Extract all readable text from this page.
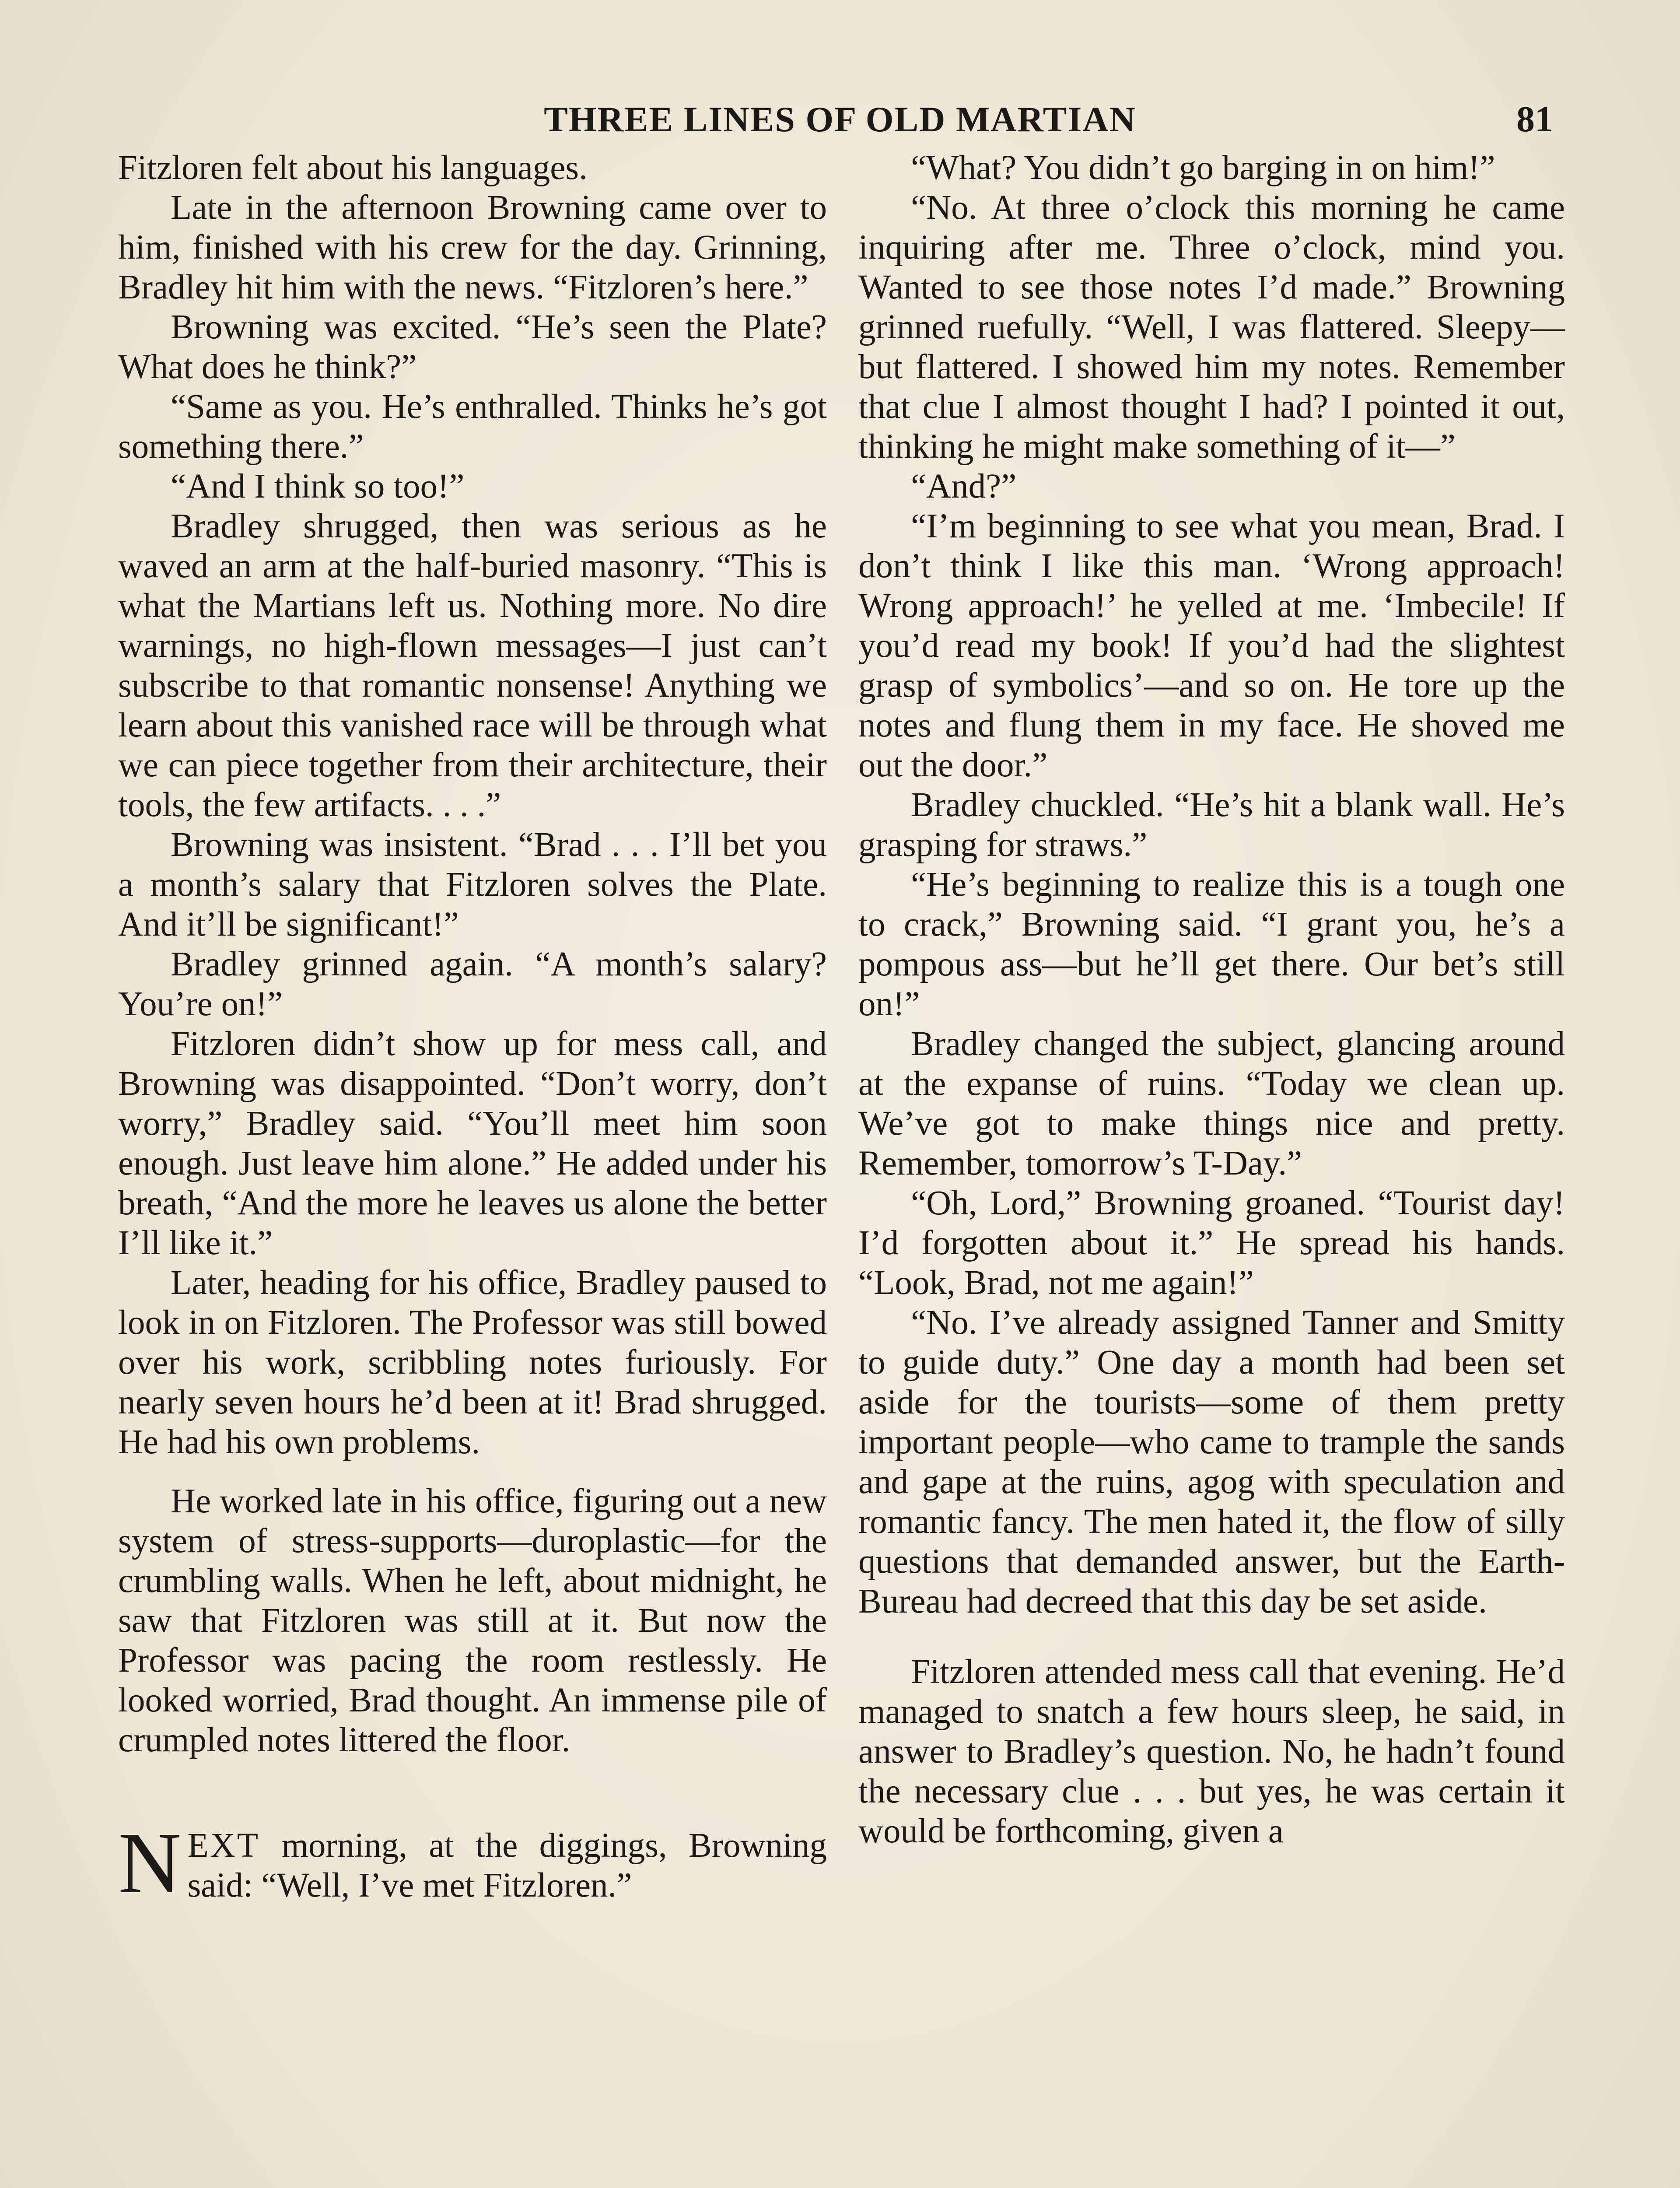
THREE LINES OF OLD MARTIAN	81

Fitzloren felt about his languages.

Late in the afternoon Browning came over to him, finished with his crew for the day. Grinning, Bradley hit him with the news. “Fitzloren’s here.”

Browning was excited. “He’s seen the Plate? What does he think?”

“Same as you. He’s enthralled. Thinks he’s got something there.”

“And I think so too!”

Bradley shrugged, then was serious as he waved an arm at the half-buried masonry. “This is what the Martians left us. Nothing more. No dire warnings, no high-flown messages—I just can’t subscribe to that romantic nonsense! Anything we learn about this vanished race will be through what we can piece together from their architecture, their tools, the few artifacts. . . .”

Browning was insistent. “Brad . . . I’ll bet you a month’s salary that Fitzloren solves the Plate. And it’ll be significant!”

Bradley grinned again. “A month’s salary? You’re on!”

Fitzloren didn’t show up for mess call, and Browning was disappointed. “Don’t worry, don’t worry,” Bradley said. “You’ll meet him soon enough. Just leave him alone.” He added under his breath, “And the more he leaves us alone the better I’ll like it.”

Later, heading for his office, Bradley paused to look in on Fitzloren. The Professor was still bowed over his work, scribbling notes furiously. For nearly seven hours he’d been at it! Brad shrugged. He had his own problems.

He worked late in his office, figuring out a new system of stress-supports—duroplastic—for the crumbling walls. When he left, about midnight, he saw that Fitzloren was still at it. But now the Professor was pacing the room restlessly. He looked worried, Brad thought. An immense pile of crumpled notes littered the floor.

NEXT morning, at the diggings, Browning said: “Well, I’ve met Fitzloren.”

“What? You didn’t go barging in on him!”

“No. At three o’clock this morning he came inquiring after me. Three o’clock, mind you. Wanted to see those notes I’d made.” Browning grinned ruefully. “Well, I was flattered. Sleepy—but flattered. I showed him my notes. Remember that clue I almost thought I had? I pointed it out, thinking he might make something of it—”

“And?”

“I’m beginning to see what you mean, Brad. I don’t think I like this man. ‘Wrong approach! Wrong approach!’ he yelled at me. ‘Imbecile! If you’d read my book! If you’d had the slightest grasp of symbolics’—and so on. He tore up the notes and flung them in my face. He shoved me out the door.”

Bradley chuckled. “He’s hit a blank wall. He’s grasping for straws.”

“He’s beginning to realize this is a tough one to crack,” Browning said. “I grant you, he’s a pompous ass—but he’ll get there. Our bet’s still on!”

Bradley changed the subject, glancing around at the expanse of ruins. “Today we clean up. We’ve got to make things nice and pretty. Remember, tomorrow’s T-Day.”

“Oh, Lord,” Browning groaned. “Tourist day! I’d forgotten about it.” He spread his hands. “Look, Brad, not me again!”

“No. I’ve already assigned Tanner and Smitty to guide duty.” One day a month had been set aside for the tourists—some of them pretty important people—who came to trample the sands and gape at the ruins, agog with speculation and romantic fancy. The men hated it, the flow of silly questions that demanded answer, but the Earth-Bureau had decreed that this day be set aside.

Fitzloren attended mess call that evening. He’d managed to snatch a few hours sleep, he said, in answer to Bradley’s question. No, he hadn’t found the necessary clue . . . but yes, he was certain it would be forthcoming, given a
